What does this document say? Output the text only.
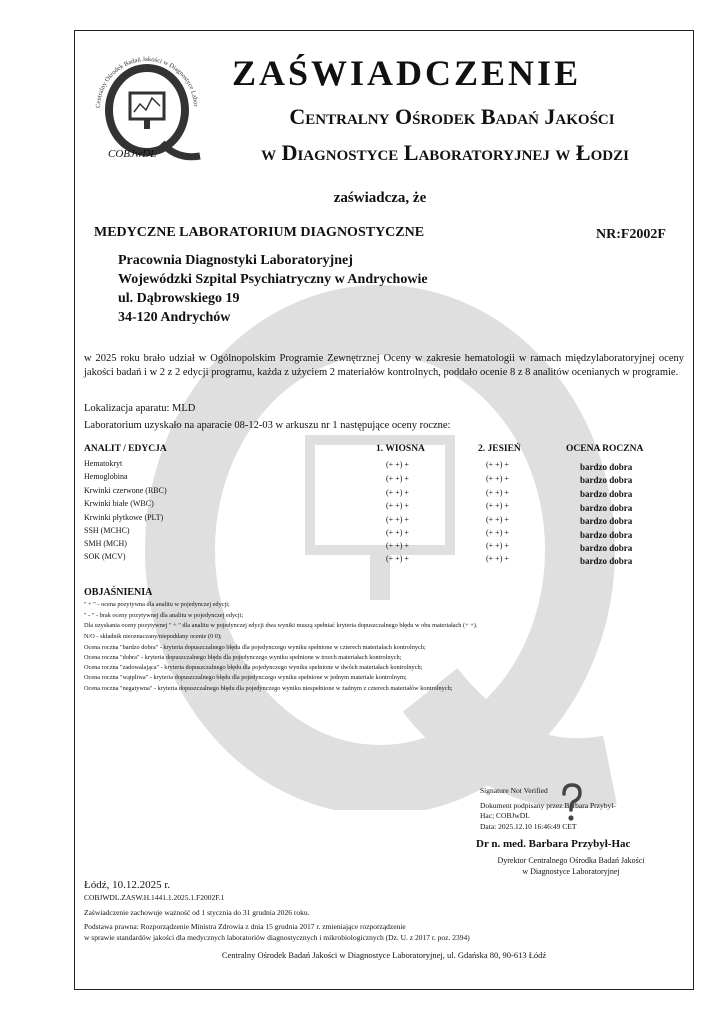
Centralny Ośrodek Badań Jakości w Diagnostyce Labor
COBJwDL
ZAŚWIADCZENIE
Centralny Ośrodek Badań Jakości
w Diagnostyce Laboratoryjnej w Łodzi
zaświadcza, że
MEDYCZNE LABORATORIUM DIAGNOSTYCZNE	NR:F2002F
Pracownia Diagnostyki Laboratoryjnej
Wojewódzki Szpital Psychiatryczny w Andrychowie
ul. Dąbrowskiego 19
34-120 Andrychów
w 2025 roku brało udział w Ogólnopolskim Programie Zewnętrznej Oceny w zakresie hematologii w ramach międzylaboratoryjnej oceny jakości badań i w 2 z 2 edycji programu, każda z użyciem 2 materiałów kontrolnych, poddało ocenie 8 z 8 analitów ocenianych w programie.
Lokalizacja aparatu: MLD
Laboratorium uzyskało na aparacie 08-12-03 w arkuszu nr 1 następujące oceny roczne:
ANALIT / EDYCJA	1. WIOSNA	2. JESIEŃ	OCENA ROCZNA
Hematokryt	(+ +) +	(+ +) +	bardzo dobra
Hemoglobina	(+ +) +	(+ +) +	bardzo dobra
Krwinki czerwone (RBC)	(+ +) +	(+ +) +	bardzo dobra
Krwinki białe (WBC)	(+ +) +	(+ +) +	bardzo dobra
Krwinki płytkowe (PLT)	(+ +) +	(+ +) +	bardzo dobra
SSH (MCHC)	(+ +) +	(+ +) +	bardzo dobra
SMH (MCH)	(+ +) +	(+ +) +	bardzo dobra
SOK (MCV)	(+ +) +	(+ +) +	bardzo dobra
OBJAŚNIENIA
" + " - ocena pozytywna dla analitu w pojedynczej edycji;
" - " - brak oceny pozytywnej dla analitu w pojedynczej edycji;
Dla uzyskania oceny pozytywnej " + " dla analitu w pojedynczej edycji dwa wyniki muszą spełniać kryteria dopuszczalnego błędu w obu materiałach (+ +).
N/O - składnik nieoznaczany/niepoddany ocenie (0 0);
Ocena roczna "bardzo dobra" - kryteria dopuszczalnego błędu dla pojedynczego wyniku spełnione w czterech materiałach kontrolnych;
Ocena roczna "dobra" - kryteria dopuszczalnego błędu dla pojedynczego wyniku spełnione w trzech materiałach kontrolnych;
Ocena roczna "zadowalająca" - kryteria dopuszczalnego błędu dla pojedynczego wyniku spełnione w dwóch materiałach kontrolnych;
Ocena roczna "wątpliwa" - kryteria dopuszczalnego błędu dla pojedynczego wyniku spełnione w jednym materiale kontrolnym;
Ocena roczna "negatywna" - kryteria dopuszczalnego błędu dla pojedynczego wyniku niespełnione w żadnym z czterech materiałów kontrolnych;
Signature Not Verified
Dokument podpisany przez Barbara Przybył-
Hac; COBJwDL
Data: 2025.12.10 16:46:49 CET
Dr n. med. Barbara Przybył-Hac
Dyrektor Centralnego Ośrodka Badań Jakości
w Diagnostyce Laboratoryjnej
Łódź, 10.12.2025 r.
COBJWDL.ZASW.H.1441.1.2025.1.F2002F.1
Zaświadczenie zachowuje ważność od 1 stycznia do 31 grudnia 2026 roku.
Podstawa prawna: Rozporządzenie Ministra Zdrowia z dnia 15 grudnia 2017 r. zmieniające rozporządzenie
w sprawie standardów jakości dla medycznych laboratoriów diagnostycznych i mikrobiologicznych (Dz. U. z 2017 r. poz. 2394)
Centralny Ośrodek Badań Jakości w Diagnostyce Laboratoryjnej, ul. Gdańska 80, 90-613 Łódź
